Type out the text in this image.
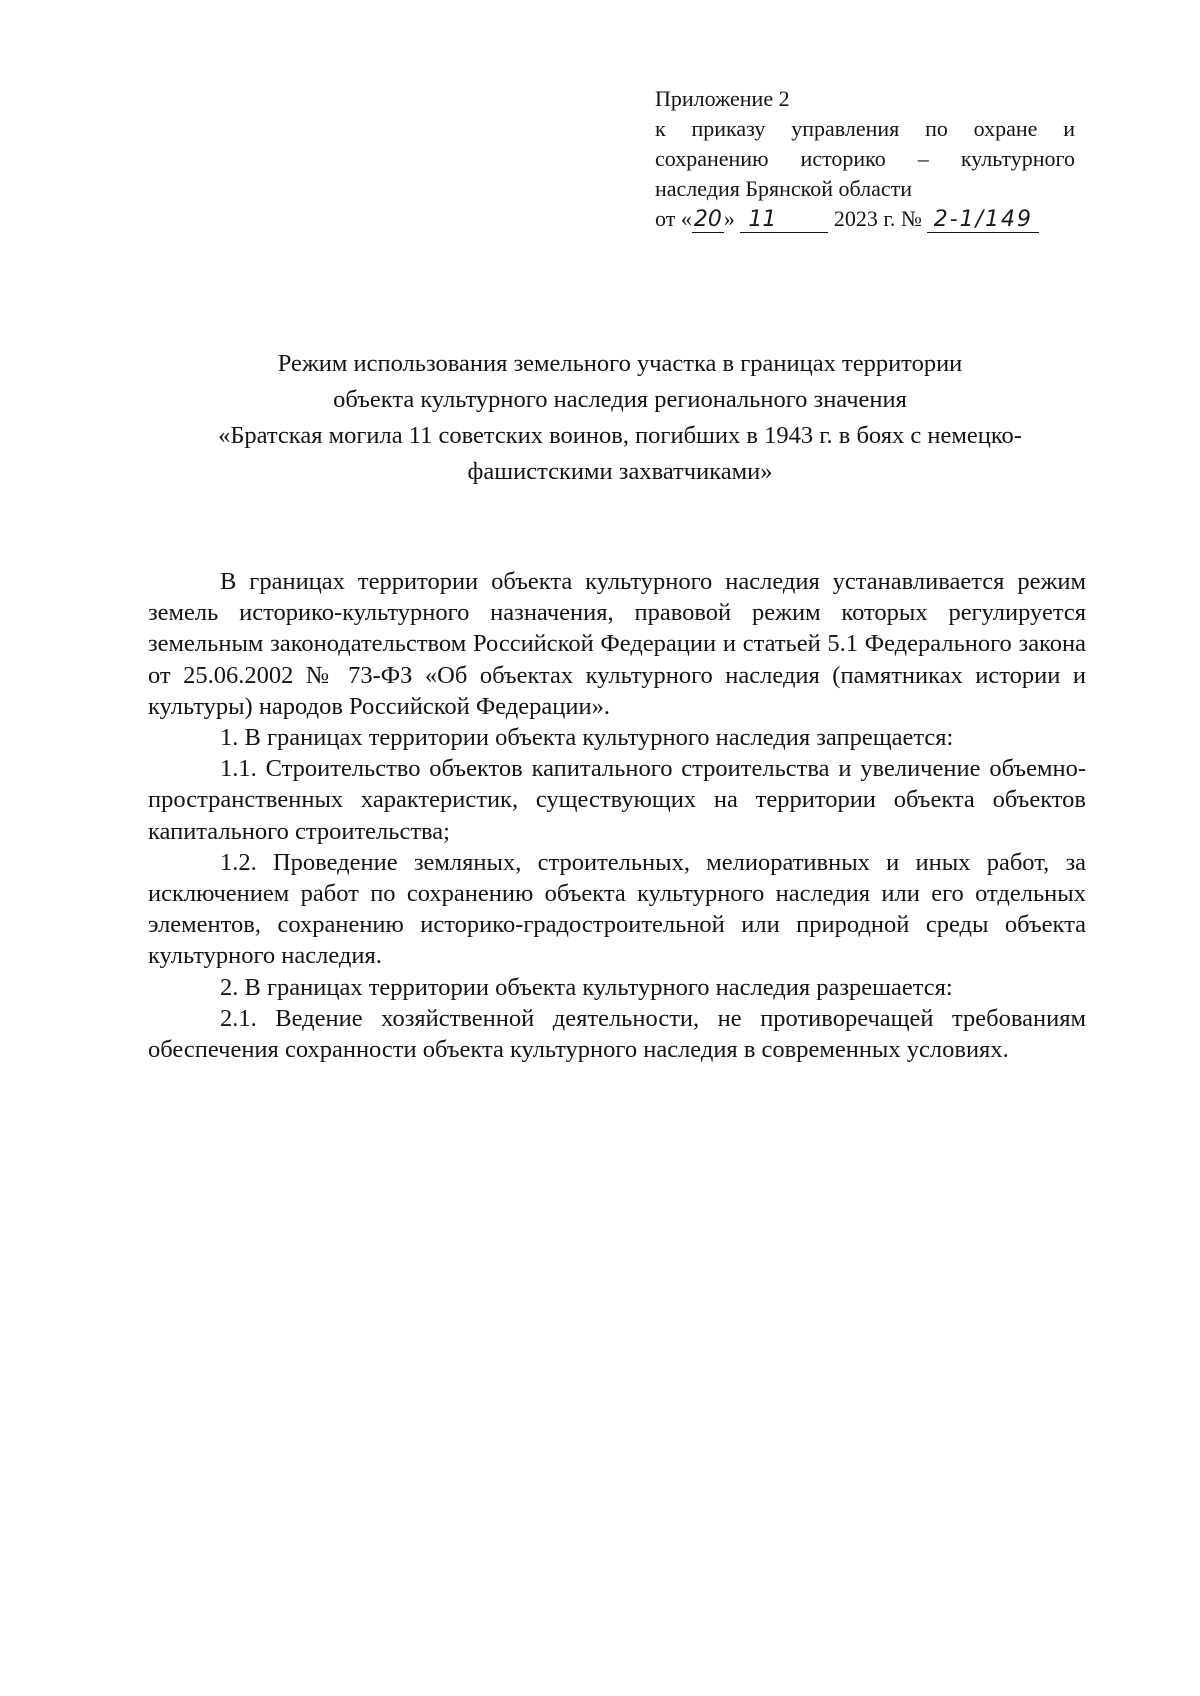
Приложение 2
к приказу управления по охране и
сохранению историко – культурного
наследия Брянской области
от «20» 11	2023 г. № 2-1/149
Режим использования земельного участка в границах территории
объекта культурного наследия регионального значения
«Братская могила 11 советских воинов, погибших в 1943 г. в боях с немецко-
фашистскими захватчиками»

В границах территории объекта культурного наследия устанавливается режим земель историко-культурного назначения, правовой режим которых регулируется земельным законодательством Российской Федерации и статьей 5.1 Федерального закона от 25.06.2002 № 73-ФЗ «Об объектах культурного наследия (памятниках истории и культуры) народов Российской Федерации».

1. В границах территории объекта культурного наследия запрещается:

1.1. Строительство объектов капитального строительства и увеличение объемно-пространственных характеристик, существующих на территории объекта объектов капитального строительства;

1.2. Проведение земляных, строительных, мелиоративных и иных работ, за исключением работ по сохранению объекта культурного наследия или его отдельных элементов, сохранению историко-градостроительной или природной среды объекта культурного наследия.

2. В границах территории объекта культурного наследия разрешается:

2.1. Ведение хозяйственной деятельности, не противоречащей требованиям обеспечения сохранности объекта культурного наследия в современных условиях.
